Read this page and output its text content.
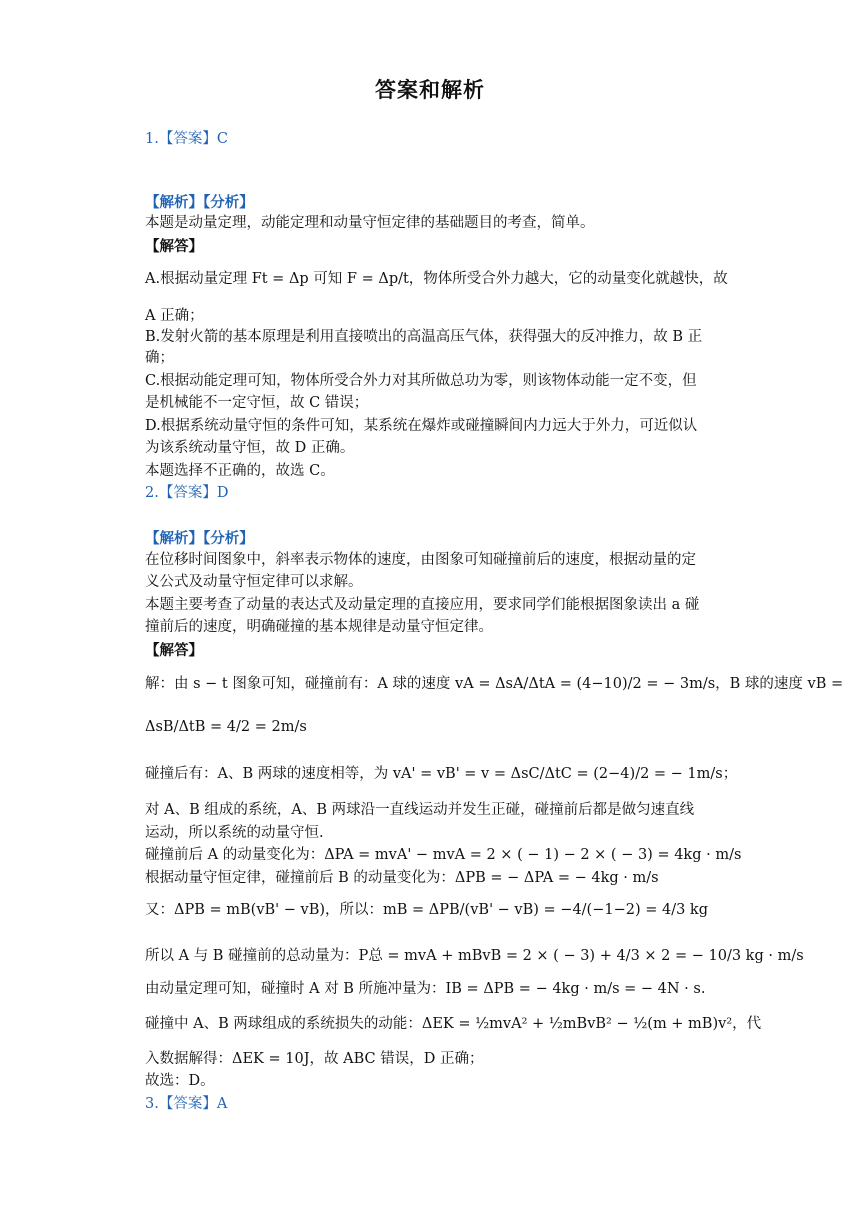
答案和解析
1.【答案】C
【解析】【分析】
本题是动量定理，动能定理和动量守恒定律的基础题目的考查，简单。
【解答】
A.根据动量定理 Ft = Δp 可知 F = Δp/t，物体所受合外力越大，它的动量变化就越快，故
A 正确；
B.发射火箭的基本原理是利用直接喷出的高温高压气体，获得强大的反冲推力，故 B 正
确；
C.根据动能定理可知，物体所受合外力对其所做总功为零，则该物体动能一定不变，但
是机械能不一定守恒，故 C 错误；
D.根据系统动量守恒的条件可知，某系统在爆炸或碰撞瞬间内力远大于外力，可近似认
为该系统动量守恒，故 D 正确。
本题选择不正确的，故选 C。
2.【答案】D
【解析】【分析】
在位移时间图象中，斜率表示物体的速度，由图象可知碰撞前后的速度，根据动量的定
义公式及动量守恒定律可以求解。
本题主要考查了动量的表达式及动量定理的直接应用，要求同学们能根据图象读出 a 碰
撞前后的速度，明确碰撞的基本规律是动量守恒定律。
【解答】
解：由 s − t 图象可知，碰撞前有：A 球的速度 vA = ΔsA/ΔtA = (4−10)/2 = − 3m/s，B 球的速度 vB =
ΔsB/ΔtB = 4/2 = 2m/s
碰撞后有：A、B 两球的速度相等，为 vA' = vB' = v = ΔsC/ΔtC = (2−4)/2 = − 1m/s；
对 A、B 组成的系统，A、B 两球沿一直线运动并发生正碰，碰撞前后都是做匀速直线
运动，所以系统的动量守恒.
碰撞前后 A 的动量变化为：ΔPA = mvA' − mvA = 2 × ( − 1) − 2 × ( − 3) = 4kg · m/s
根据动量守恒定律，碰撞前后 B 的动量变化为：ΔPB = − ΔPA = − 4kg · m/s
又：ΔPB = mB(vB' − vB)，所以：mB = ΔPB/(vB' − vB) = −4/(−1−2) = 4/3 kg
所以 A 与 B 碰撞前的总动量为：P总 = mvA + mBvB = 2 × ( − 3) + 4/3 × 2 = − 10/3 kg · m/s
由动量定理可知，碰撞时 A 对 B 所施冲量为：IB = ΔPB = − 4kg · m/s = − 4N · s.
碰撞中 A、B 两球组成的系统损失的动能：ΔEK = ½mvA² + ½mBvB² − ½(m + mB)v²，代
入数据解得：ΔEK = 10J，故 ABC 错误，D 正确；
故选：D。
3.【答案】A
